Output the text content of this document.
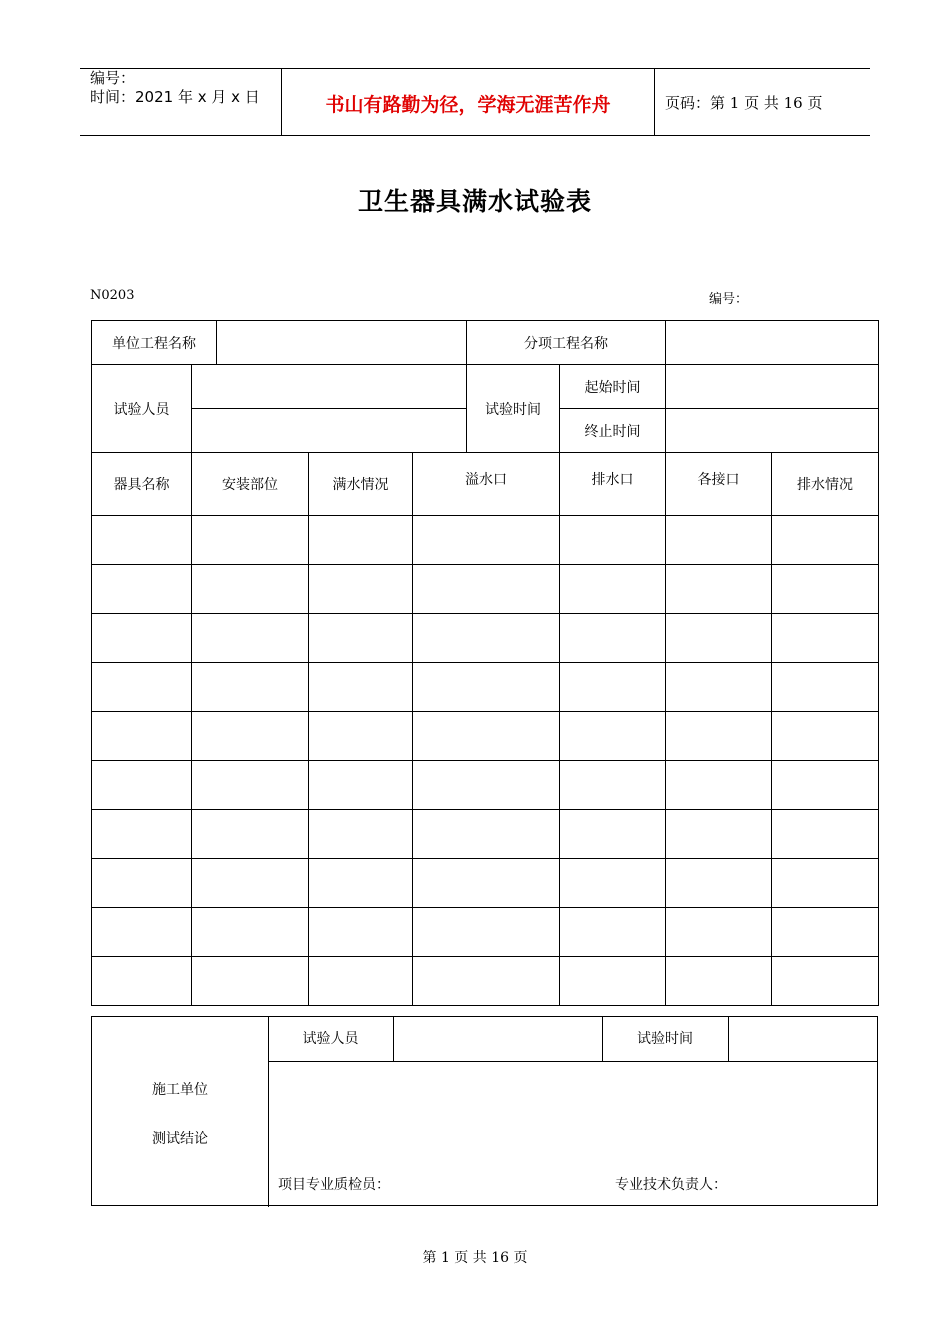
编号：
时间：2021 年 x 月 x 日	书山有路勤为径，学海无涯苦作舟	页码：第 1 页 共 16 页
卫生器具满水试验表
N0203	编号：
单位工程名称					分项工程名称			
试验人员					试验时间	起始时间		
						终止时间		
器具名称	安装部位		满水情况	溢水口		排水口	各接口	排水情况

试验人员	试验时间
施工单位
测试结论
项目专业质检员：	专业技术负责人：
第 1 页 共 16 页
